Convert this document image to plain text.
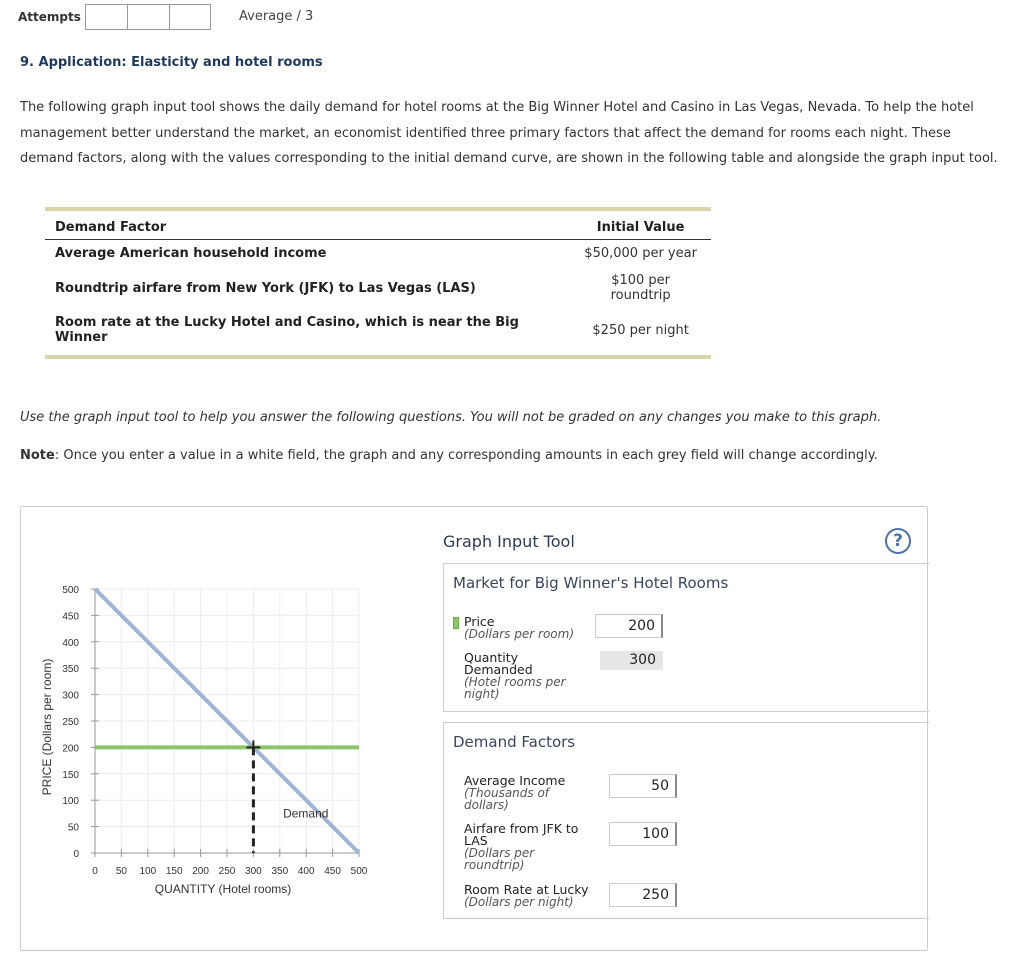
Attempts	Average / 3
9. Application: Elasticity and hotel rooms
The following graph input tool shows the daily demand for hotel rooms at the Big Winner Hotel and Casino in Las Vegas, Nevada. To help the hotel management better understand the market, an economist identified three primary factors that affect the demand for rooms each night. These demand factors, along with the values corresponding to the initial demand curve, are shown in the following table and alongside the graph input tool.
Demand Factor	Initial Value
Average American household income	$50,000 per year
Roundtrip airfare from New York (JFK) to Las Vegas (LAS)	$100 per roundtrip
Room rate at the Lucky Hotel and Casino, which is near the Big Winner	$250 per night
Use the graph input tool to help you answer the following questions. You will not be graded on any changes you make to this graph.
Note: Once you enter a value in a white field, the graph and any corresponding amounts in each grey field will change accordingly.
0 50 100 150 200 250 300 350 400 450 500
0
50
100
150
200
250
300
350
400
450
500
QUANTITY (Hotel rooms)
PRICE (Dollars per room)
Demand
Graph Input Tool	?
Market for Big Winner's Hotel Rooms
Price
(Dollars per room)	200
Quantity Demanded
(Hotel rooms per night)
300
Demand Factors
Average Income
(Thousands of dollars)
50
Airfare from JFK to LAS
(Dollars per roundtrip)
100
Room Rate at Lucky
(Dollars per night)	250
